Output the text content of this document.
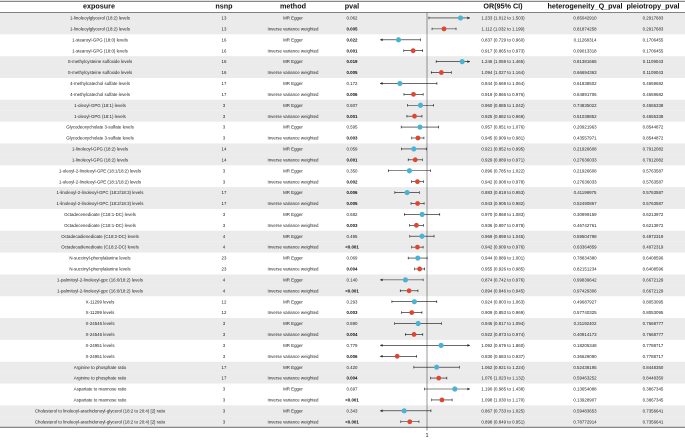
exposure	nsnp	method	pval	OR(95% CI)	heterogeneity_Q_pval pleiotropy_pval
1-linoleoylglycerol (18:2) levels	13	MR Egger	0.062	1.233 (1.012 to 1.503)	0.85042910	0.2917683
1-linoleoylglycerol (18:2) levels	13	Inverse variance weighted	0.005	1.112 (1.032 to 1.199)	0.81874258	0.2917683
1-stearoyl-GPG (18:0) levels	16	MR Egger	0.022	0.837 (0.729 to 0.960)	0.11268314	0.1706455
1-stearoyl-GPG (18:0) levels	16	Inverse variance weighted	0.001	0.917 (0.865 to 0.973)	0.09013318	0.1706455
S-methylcysteine sulfoxide levels	16	MR Egger	0.019	1.246 (1.059 to 1.465)	0.81381665	0.1109043
S-methylcysteine sulfoxide levels	16	Inverse variance weighted	0.005	1.094 (1.027 to 1.164)	0.66694363	0.1109043
4-methylcatechol sulfate levels	17	MR Egger	0.172	0.844 (0.669 to 1.064)	0.61838502	0.4659682
4-methylcatechol sulfate levels	17	Inverse variance weighted	0.006	0.919 (0.866 to 0.976)	0.64891706	0.4659682
1-oleoyl-GPG (18:1) levels	3	MR Egger	0.507	0.960 (0.885 to 1.042)	0.74835022	0.4655338
1-oleoyl-GPG (18:1) levels	3	Inverse variance weighted	0.001	0.925 (0.882 to 0.969)	0.51038852	0.4655338
Glycodeoxycholate 3-sulfate levels	3	MR Egger	0.595	0.957 (0.851 to 1.076)	0.20921963	0.8544872
Glycodeoxycholate 3-sulfate levels	3	Inverse variance weighted	0.003	0.945 (0.909 to 0.981)	0.43557971	0.8544872
1-linoleoyl-GPG (18:2) levels	14	MR Egger	0.059	0.921 (0.852 to 0.995)	0.21926608	0.7912082
1-linoleoyl-GPG (18:2) levels	14	Inverse variance weighted	0.001	0.929 (0.889 to 0.971)	0.27636033	0.7912082
1-oleoyl-2-linoleoyl-GPE (18:1/18:2) levels	3	MR Egger	0.350	0.896 (0.785 to 1.022)	0.21926608	0.5763587
1-oleoyl-2-linoleoyl-GPE (18:1/18:2) levels	3	Inverse variance weighted	0.002	0.942 (0.908 to 0.978)	0.27636033	0.5763587
1-linoleoyl-2-linoleoyl-GPC (18:2/18:3) levels	17	MR Egger	0.006	0.883 (0.818 to 0.953)	0.41199975	0.5763587
1-linoleoyl-2-linoleoyl-GPC (18:2/18:3) levels	17	Inverse variance weighted	0.005	0.943 (0.905 to 0.982)	0.52490867	0.5763587
Octadecenedioate (C18:1-DC) levels	3	MR Egger	0.682	0.970 (0.868 to 1.083)	0.30999159	0.6213972
Octadecenedioate (C18:1-DC) levels	3	Inverse variance weighted	0.003	0.936 (0.897 to 0.978)	0.46742761	0.6213972
Octadecadienedioate (C18:2-DC) levels	4	MR Egger	0.495	0.969 (0.898 to 1.045)	0.59504798	0.4972319
Octadecadienedioate (C18:2-DC) levels	4	Inverse variance weighted	<0.001	0.942 (0.909 to 0.976)	0.63364859	0.4972319
N-succinyl-phenylalanine levels	23	MR Egger	0.069	0.944 (0.889 to 1.001)	0.78834380	0.6408596
N-succinyl-phenylalanine levels	23	Inverse variance weighted	0.004	0.955 (0.926 to 0.985)	0.82151234	0.6408596
1-palmitoyl-2-linoleoyl-gpc (16:0/18:2) levels	4	MR Egger	0.140	0.874 (0.742 to 0.976)	0.99839642	0.6672129
1-palmitoyl-2-linoleoyl-gpc (16:0/18:2) levels	4	Inverse variance weighted	<0.001	0.894 (0.846 to 0.945)	0.97429306	0.6672129
X-11299 levels	12	MR Egger	0.293	0.924 (0.803 to 1.063)	0.49687927	0.8053095
X-11299 levels	12	Inverse variance weighted	0.003	0.909 (0.853 to 0.969)	0.57740325	0.8053095
X-24546 levels	3	MR Egger	0.590	0.946 (0.817 to 1.094)	0.21192402	0.7668777
X-24546 levels	3	Inverse variance weighted	0.004	0.922 (0.873 to 0.974)	0.40914173	0.7668777
X-24951 levels	3	MR Egger	0.779	1.092 (0.679 to 1.860)	0.18205348	0.7788717
X-24951 levels	3	Inverse variance weighted	0.006	0.830 (0.683 to 0.937)	0.36629090	0.7788717
Arginine to phosphate ratio	17	MR Egger	0.420	1.062 (0.921 to 1.224)	0.52438195	0.8448350
Arginine to phosphate ratio	17	Inverse variance weighted	0.004	1.076 (1.023 to 1.132)	0.59463252	0.8448350
Aspartate to mannose ratio	3	MR Egger	0.697	1.190 (0.985 to 1.438)	0.13654088	0.3867345
Aspartate to mannose ratio	3	Inverse variance weighted	<0.001	1.098 (1.030 to 1.170)	0.13928907	0.3867345
Cholesterol to linoleoyl-arachidonoyl-glycerol (18:2 to 20:4) [2] ratio	3	MR Egger	0.343	0.867 (0.733 to 1.025)	0.59483653	0.7356641
Cholesterol to linoleoyl-arachidonoyl-glycerol (18:2 to 20:4) [2] ratio	3	Inverse variance weighted	<0.001	0.898 (0.849 to 0.951)	0.78772914	0.7356641
1
